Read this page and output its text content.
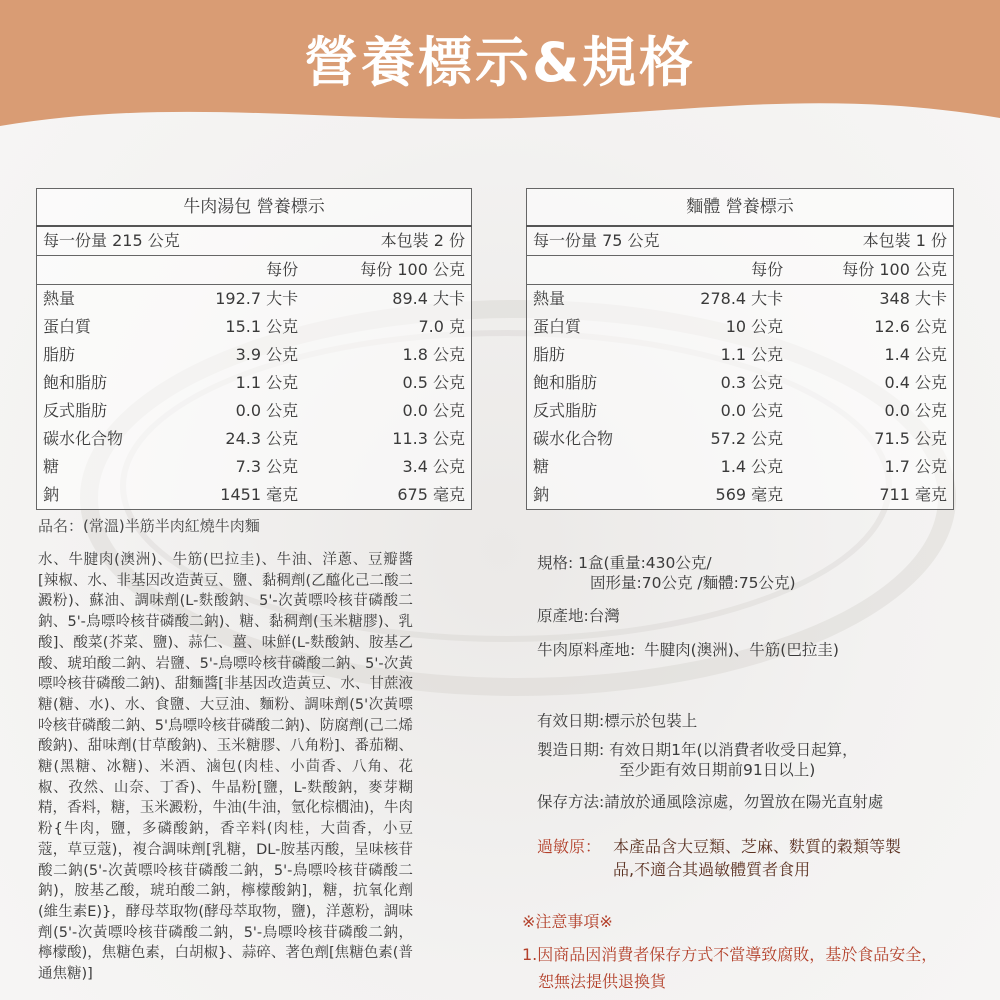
營養標示&規格
牛肉湯包 營養標示		
每一份量 215 公克		本包裝 2 份
	每份	每份 100 公克
熱量	192.7 大卡	89.4 大卡
蛋白質	15.1 公克	7.0 克
脂肪	3.9 公克	1.8 公克
飽和脂肪	1.1 公克	0.5 公克
反式脂肪	0.0 公克	0.0 公克
碳水化合物	24.3 公克	11.3 公克
糖	7.3 公克	3.4 公克
鈉	1451 毫克	675 毫克
麵體 營養標示		
每一份量 75 公克		本包裝 1 份
	每份	每份 100 公克
熱量	278.4 大卡	348 大卡
蛋白質	10 公克	12.6 公克
脂肪	1.1 公克	1.4 公克
飽和脂肪	0.3 公克	0.4 公克
反式脂肪	0.0 公克	0.0 公克
碳水化合物	57.2 公克	71.5 公克
糖	1.4 公克	1.7 公克
鈉	569 毫克	711 毫克
品名：(常溫)半筋半肉紅燒牛肉麵
水、牛腱肉(澳洲)、牛筋(巴拉圭)、牛油、洋蔥、豆瓣醬[辣椒、水、非基因改造黃豆、鹽、黏稠劑(乙醯化己二酸二澱粉)、蘇油、調味劑(L-麩酸鈉、5'-次黃嘌呤核苷磷酸二鈉、5'-鳥嘌呤核苷磷酸二鈉)、糖、黏稠劑(玉米糖膠)、乳酸]、酸菜(芥菜、鹽)、蒜仁、薑、味鮮(L-麩酸鈉、胺基乙酸、琥珀酸二鈉、岩鹽、5'-鳥嘌呤核苷磷酸二鈉、5'-次黃嘌呤核苷磷酸二鈉)、甜麵醬[非基因改造黃豆、水、甘蔗液糖(糖、水)、水、食鹽、大豆油、麵粉、調味劑(5'次黃嘌呤核苷磷酸二鈉、5'鳥嘌呤核苷磷酸二鈉)、防腐劑(己二烯酸鈉)、甜味劑(甘草酸鈉)、玉米糖膠、八角粉]、番茄糊、糖(黑糖、冰糖)、米酒、滷包(肉桂、小茴香、八角、花椒、孜然、山奈、丁香)、牛晶粉[鹽，L-麩酸鈉，麥芽糊精，香料，糖，玉米澱粉，牛油(牛油，氫化棕櫚油)，牛肉粉{牛肉，鹽，多磷酸鈉，香辛料(肉桂，大茴香，小豆蔻，草豆蔻)，複合調味劑[乳糖，DL-胺基丙酸，呈味核苷酸二鈉(5'-次黃嘌呤核苷磷酸二鈉，5'-鳥嘌呤核苷磷酸二鈉)，胺基乙酸，琥珀酸二鈉，檸檬酸鈉]，糖，抗氧化劑(維生素E)}，酵母萃取物(酵母萃取物，鹽)，洋蔥粉，調味劑(5'-次黃嘌呤核苷磷酸二鈉，5'-鳥嘌呤核苷磷酸二鈉，檸檬酸)，焦糖色素，白胡椒}、蒜碎、著色劑[焦糖色素(普通焦糖)]
規格: 1盒(重量:430公克/
固形量:70公克 /麵體:75公克)
原產地:台灣
牛肉原料產地: 牛腱肉(澳洲)、牛筋(巴拉圭)
有效日期:標示於包裝上
製造日期: 有效日期1年(以消費者收受日起算，
至少距有效日期前91日以上)
保存方法:請放於通風陰涼處，勿置放在陽光直射處
過敏原： 本產品含大豆類、芝麻、麩質的穀類等製品,不適合其過敏體質者食用
※注意事項※
1.因商品因消費者保存方式不當導致腐敗，基於食品安全，
恕無法提供退換貨
